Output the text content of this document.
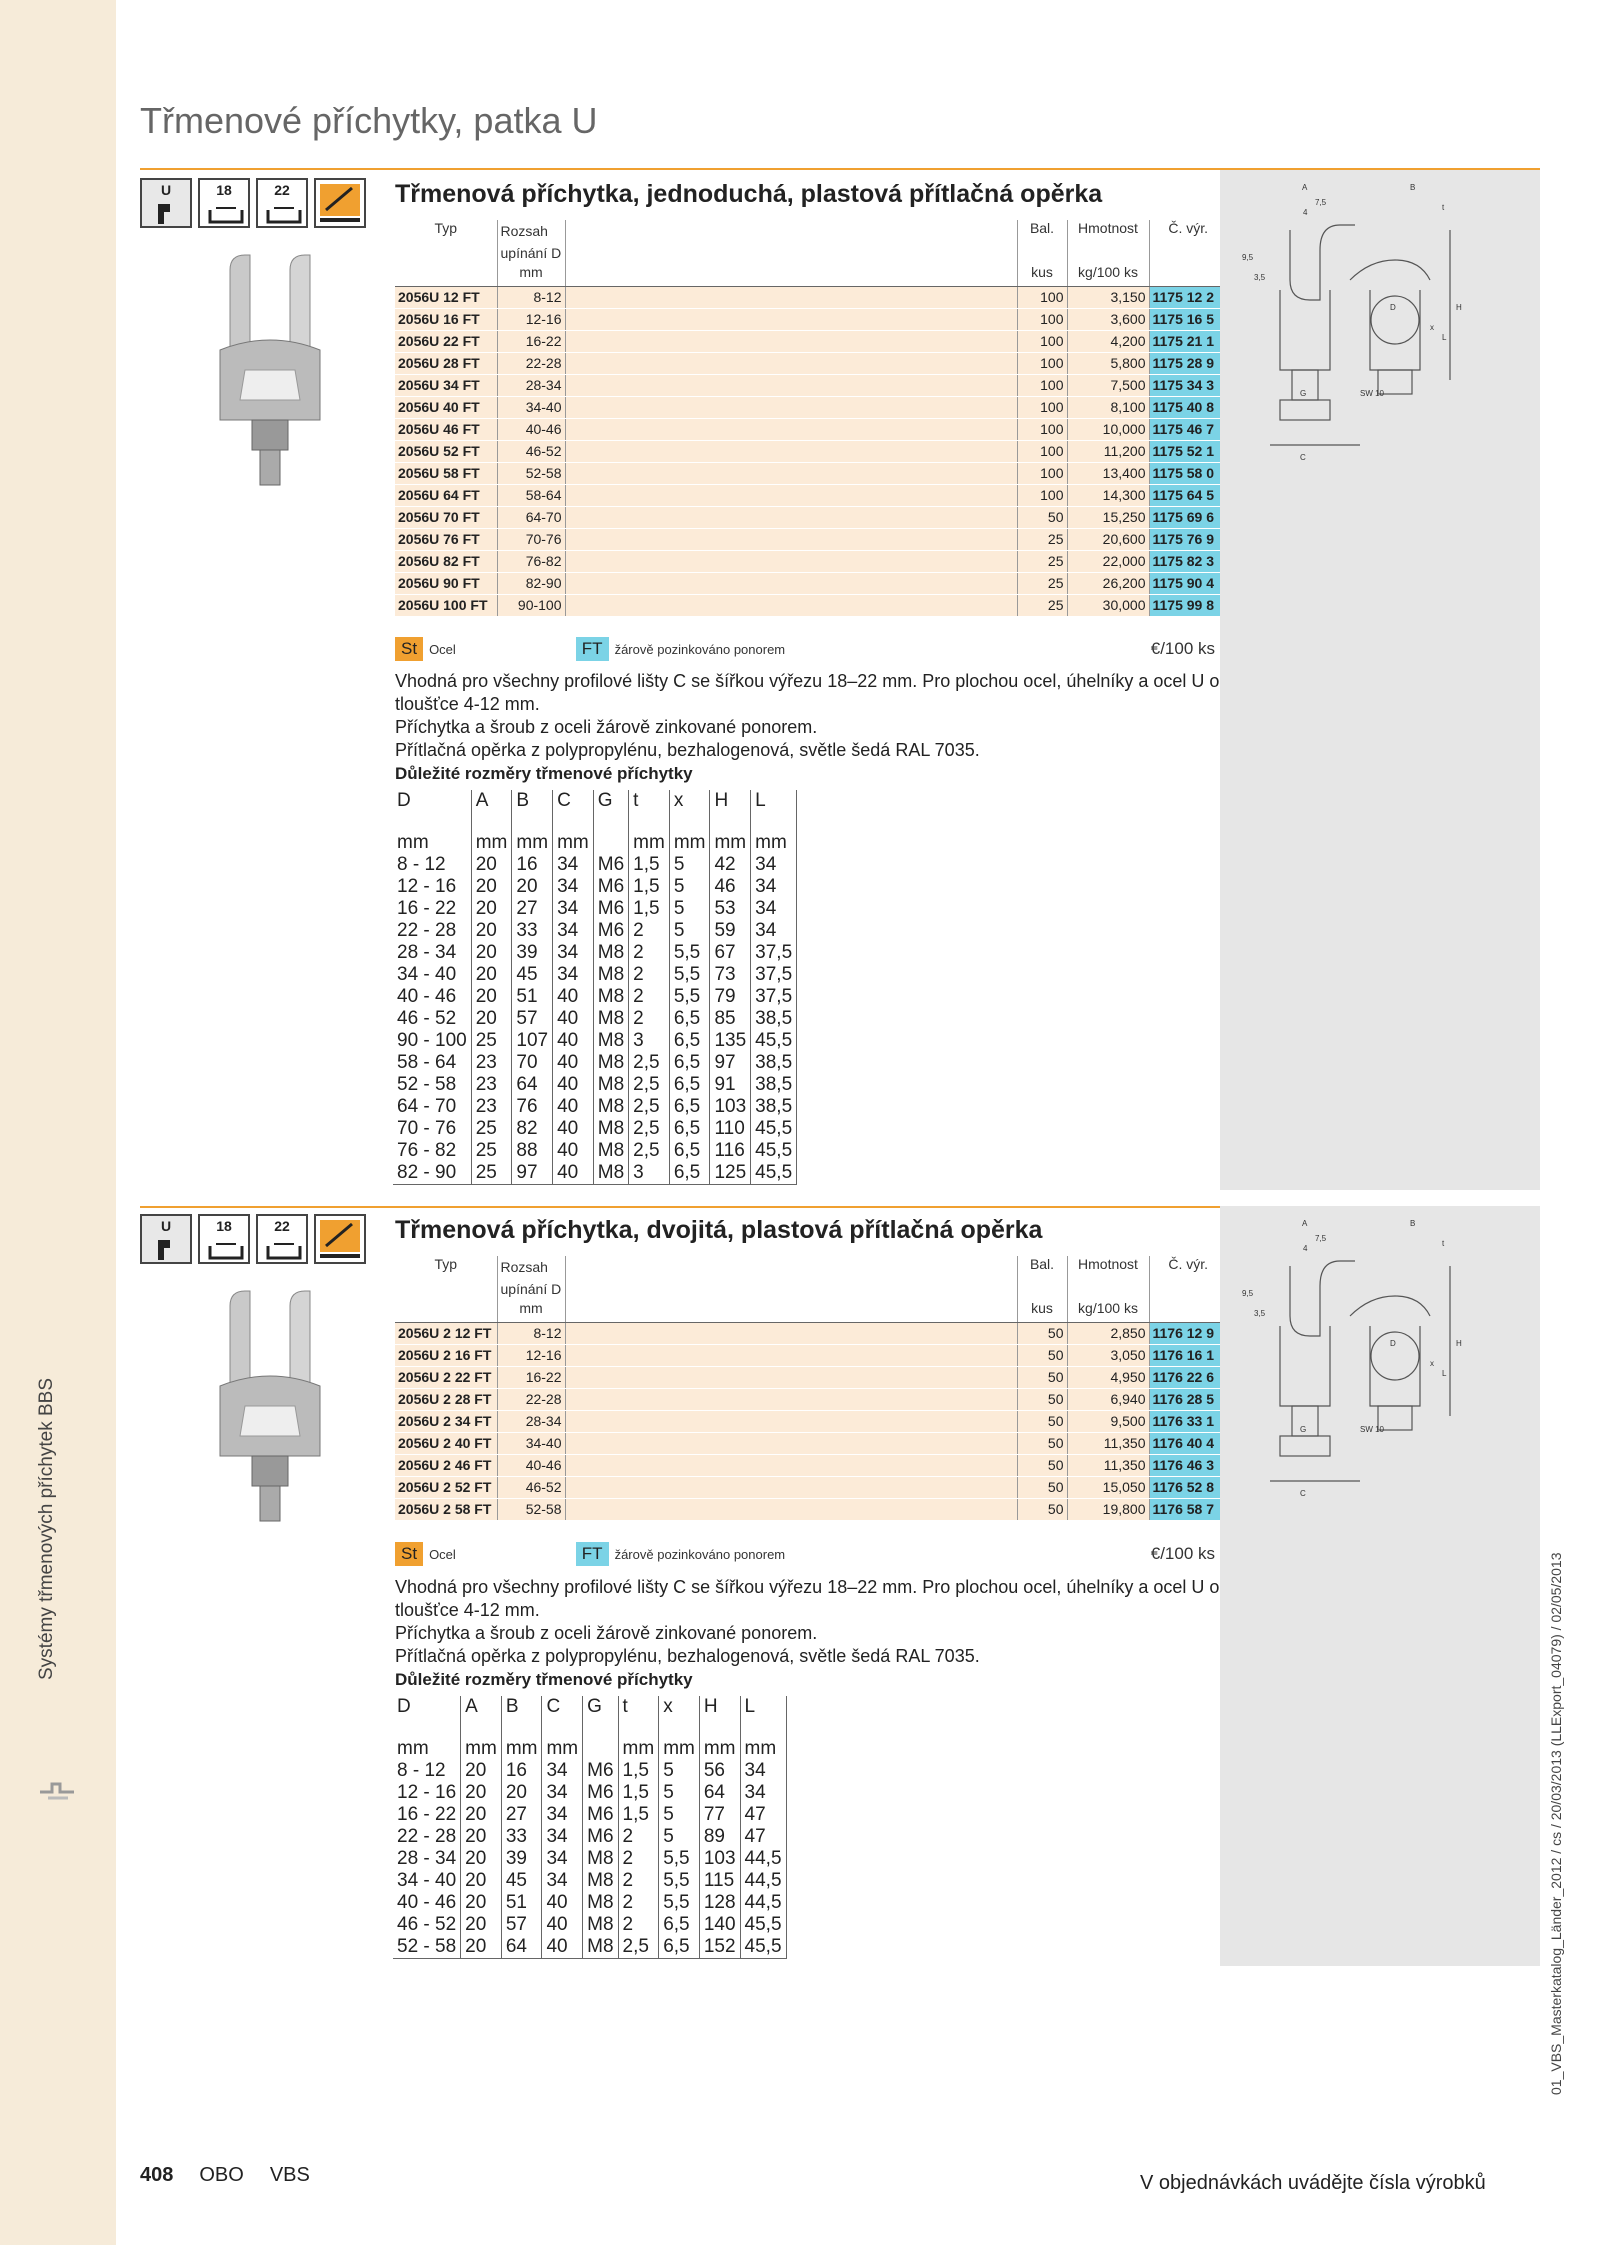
Systémy třmenových příchytek BBS
Třmenové příchytky, patka U
U	18	22	Třmenová příchytka, jednoduchá, plastová přítlačná opěrka
Typ	Rozsah upínání D		Bal.	Hmotnost	Č. výr.
	mm		kus	kg/100 ks	
2056U 12 FT	8-12		100	3,150	1175 12 2
2056U 16 FT	12-16		100	3,600	1175 16 5
2056U 22 FT	16-22		100	4,200	1175 21 1
2056U 28 FT	22-28		100	5,800	1175 28 9
2056U 34 FT	28-34		100	7,500	1175 34 3
2056U 40 FT	34-40		100	8,100	1175 40 8
2056U 46 FT	40-46		100	10,000	1175 46 7
2056U 52 FT	46-52		100	11,200	1175 52 1
2056U 58 FT	52-58		100	13,400	1175 58 0
2056U 64 FT	58-64		100	14,300	1175 64 5
2056U 70 FT	64-70		50	15,250	1175 69 6
2056U 76 FT	70-76		25	20,600	1175 76 9
2056U 82 FT	76-82		25	22,000	1175 82 3
2056U 90 FT	82-90		25	26,200	1175 90 4
2056U 100 FT	90-100		25	30,000	1175 99 8
St Ocel	FT žárově pozinkováno ponorem	€/100 ks
Vhodná pro všechny profilové lišty C se šířkou výřezu 18–22 mm. Pro plochou ocel, úhelníky a ocel U o tloušťce 4-12 mm.
Příchytka a šroub z oceli žárově zinkované ponorem.
Přítlačná opěrka z polypropylénu, bezhalogenová, světle šedá RAL 7035.
Důležité rozměry třmenové příchytky
D	A	B	C	G	t	x	H	L
mm	mm	mm	mm		mm	mm	mm	mm
8 - 12	20	16	34	M6	1,5	5	42	34
12 - 16	20	20	34	M6	1,5	5	46	34
16 - 22	20	27	34	M6	1,5	5	53	34
22 - 28	20	33	34	M6	2	5	59	34
28 - 34	20	39	34	M8	2	5,5	67	37,5
34 - 40	20	45	34	M8	2	5,5	73	37,5
40 - 46	20	51	40	M8	2	5,5	79	37,5
46 - 52	20	57	40	M8	2	6,5	85	38,5
90 - 100	25	107	40	M8	3	6,5	135	45,5
58 - 64	23	70	40	M8	2,5	6,5	97	38,5
52 - 58	23	64	40	M8	2,5	6,5	91	38,5
64 - 70	23	76	40	M8	2,5	6,5	103	38,5
70 - 76	25	82	40	M8	2,5	6,5	110	45,5
76 - 82	25	88	40	M8	2,5	6,5	116	45,5
82 - 90	25	97	40	M8	3	6,5	125	45,5
A
7,5
4
B
t
H
L
x
D
G
C
SW 10
9,5
3,5
U	18	22	Třmenová příchytka, dvojitá, plastová přítlačná opěrka
Typ	Rozsah upínání D		Bal.	Hmotnost	Č. výr.
	mm		kus	kg/100 ks	
2056U 2 12 FT	8-12		50	2,850	1176 12 9
2056U 2 16 FT	12-16		50	3,050	1176 16 1
2056U 2 22 FT	16-22		50	4,950	1176 22 6
2056U 2 28 FT	22-28		50	6,940	1176 28 5
2056U 2 34 FT	28-34		50	9,500	1176 33 1
2056U 2 40 FT	34-40		50	11,350	1176 40 4
2056U 2 46 FT	40-46		50	11,350	1176 46 3
2056U 2 52 FT	46-52		50	15,050	1176 52 8
2056U 2 58 FT	52-58		50	19,800	1176 58 7
St Ocel	FT žárově pozinkováno ponorem	€/100 ks
Vhodná pro všechny profilové lišty C se šířkou výřezu 18–22 mm. Pro plochou ocel, úhelníky a ocel U o tloušťce 4-12 mm.
Příchytka a šroub z oceli žárově zinkované ponorem.
Přítlačná opěrka z polypropylénu, bezhalogenová, světle šedá RAL 7035.
Důležité rozměry třmenové příchytky
D	A	B	C	G	t	x	H	L
mm	mm	mm	mm		mm	mm	mm	mm
8 - 12	20	16	34	M6	1,5	5	56	34
12 - 16	20	20	34	M6	1,5	5	64	34
16 - 22	20	27	34	M6	1,5	5	77	47
22 - 28	20	33	34	M6	2	5	89	47
28 - 34	20	39	34	M8	2	5,5	103	44,5
34 - 40	20	45	34	M8	2	5,5	115	44,5
40 - 46	20	51	40	M8	2	5,5	128	44,5
46 - 52	20	57	40	M8	2	6,5	140	45,5
52 - 58	20	64	40	M8	2,5	6,5	152	45,5
A
7,5
4
B
t
H
L
x
D
G
C
SW 10
9,5
3,5
408 OBO VBS	V objednávkách uvádějte čísla výrobků
01_VBS_Masterkatalog_Länder_2012 / cs / 20/03/2013 (LLExport_04079) / 02/05/2013
